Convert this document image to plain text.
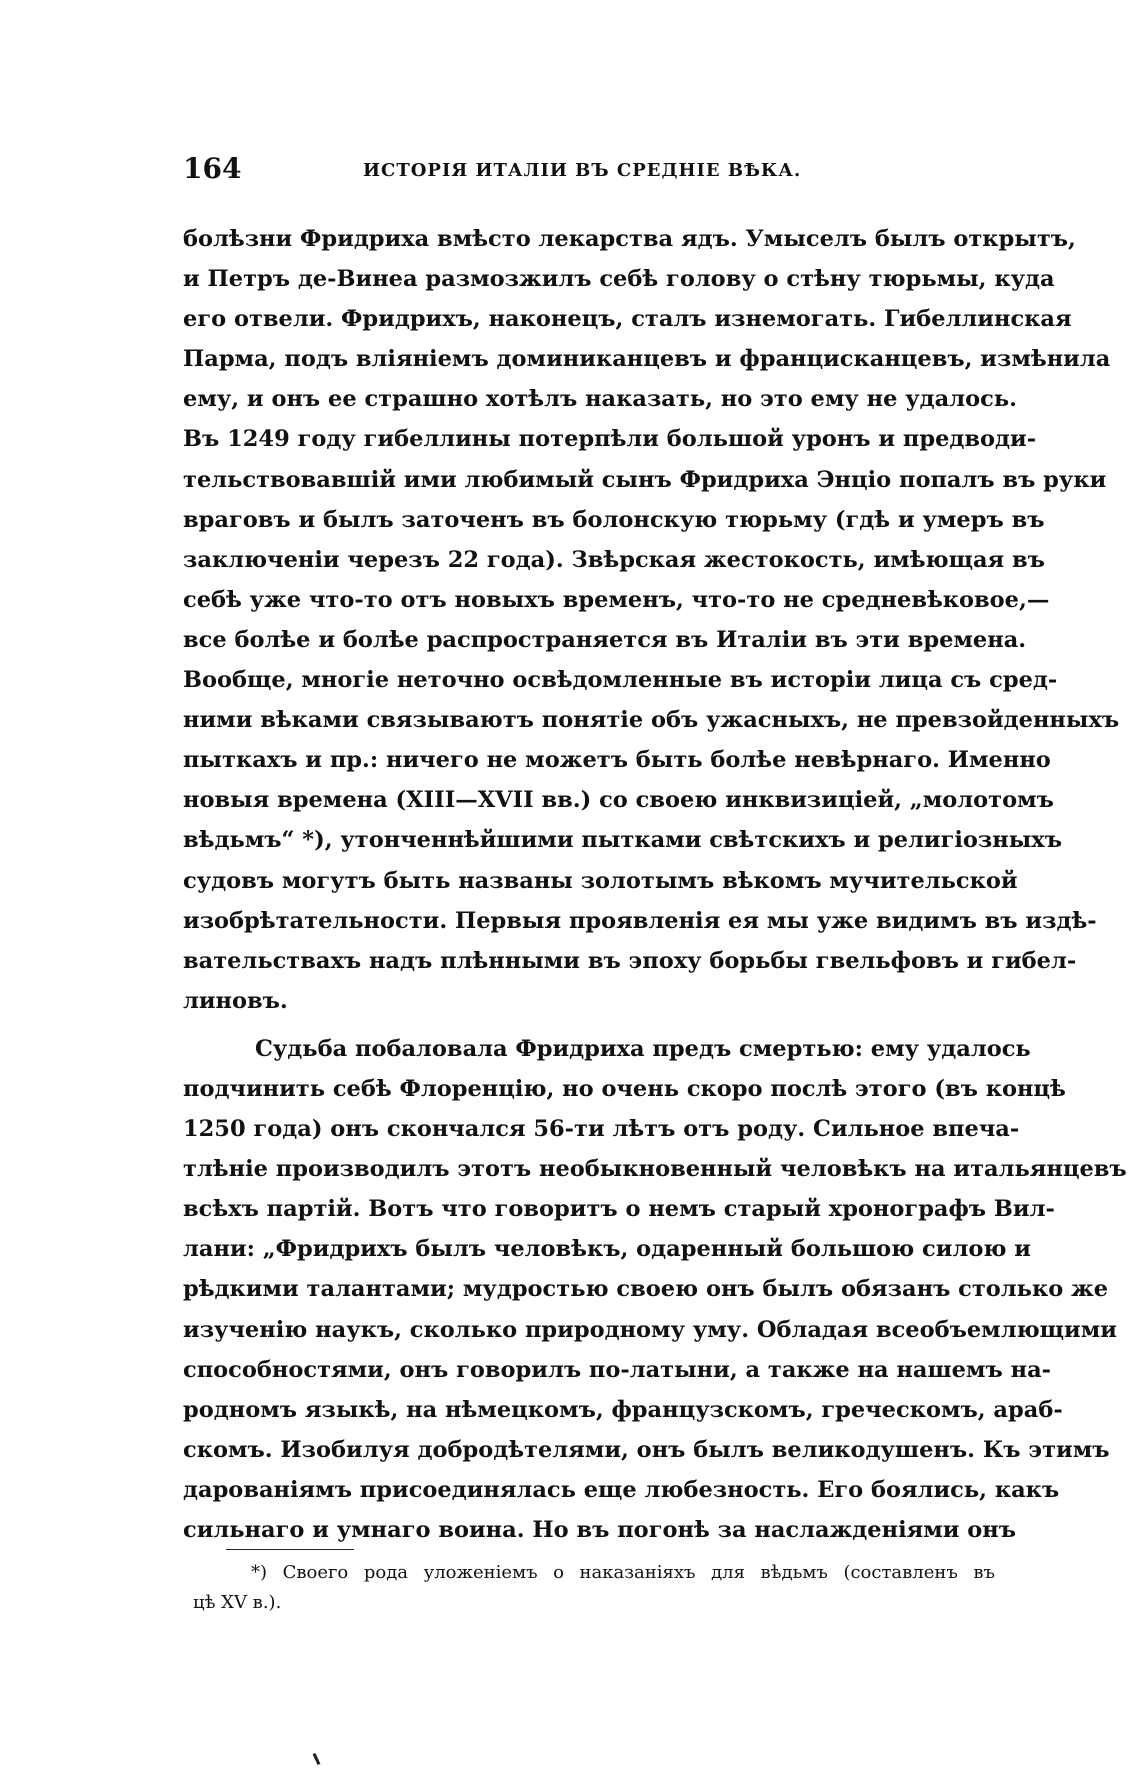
164	ИСТОРІЯ ИТАЛІИ ВЪ СРЕДНІЕ ВѢКА.
болѣзни Фридриха вмѣсто лекарства ядъ. Умыселъ былъ открытъ,
и Петръ де-Винеа размозжилъ себѣ голову о стѣну тюрьмы, куда
его отвели. Фридрихъ, наконецъ, сталъ изнемогать. Гибеллинская
Парма, подъ вліяніемъ доминиканцевъ и францисканцевъ, измѣнила
ему, и онъ ее страшно хотѣлъ наказать, но это ему не удалось.
Въ 1249 году гибеллины потерпѣли большой уронъ и предводи-
тельствовавшій ими любимый сынъ Фридриха Энціо попалъ въ руки
враговъ и былъ заточенъ въ болонскую тюрьму (гдѣ и умеръ въ
заключеніи черезъ 22 года). Звѣрская жестокость, имѣющая въ
себѣ уже что-то отъ новыхъ временъ, что-то не средневѣковое,—
все болѣе и болѣе распространяется въ Италіи въ эти времена.
Вообще, многіе неточно освѣдомленные въ исторіи лица съ сред-
ними вѣками связываютъ понятіе объ ужасныхъ, не превзойденныхъ
пыткахъ и пр.: ничего не можетъ быть болѣе невѣрнаго. Именно
новыя времена (XIII—XVII вв.) со своею инквизиціей, „молотомъ
вѣдьмъ“ *), утонченнѣйшими пытками свѣтскихъ и религіозныхъ
судовъ могутъ быть названы золотымъ вѣкомъ мучительской
изобрѣтательности. Первыя проявленія ея мы уже видимъ въ издѣ-
вательствахъ надъ плѣнными въ эпоху борьбы гвельфовъ и гибел-
линовъ.
Судьба побаловала Фридриха предъ смертью: ему удалось
подчинить себѣ Флоренцію, но очень скоро послѣ этого (въ концѣ
1250 года) онъ скончался 56-ти лѣтъ отъ роду. Сильное впеча-
тлѣніе производилъ этотъ необыкновенный человѣкъ на итальянцевъ
всѣхъ партій. Вотъ что говоритъ о немъ старый хронографъ Вил-
лани: „Фридрихъ былъ человѣкъ, одаренный большою силою и
рѣдкими талантами; мудростью своею онъ былъ обязанъ столько же
изученію наукъ, сколько природному уму. Обладая всеобъемлющими
способностями, онъ говорилъ по-латыни, а также на нашемъ на-
родномъ языкѣ, на нѣмецкомъ, французскомъ, греческомъ, араб-
скомъ. Изобилуя добродѣтелями, онъ былъ великодушенъ. Къ этимъ
дарованіямъ присоединялась еще любезность. Его боялись, какъ
сильнаго и умнаго воина. Но въ погонѣ за наслажденіями онъ
*) Своего рода уложеніемъ о наказаніяхъ для вѣдьмъ (составленъ въ
цѣ XV в.).
